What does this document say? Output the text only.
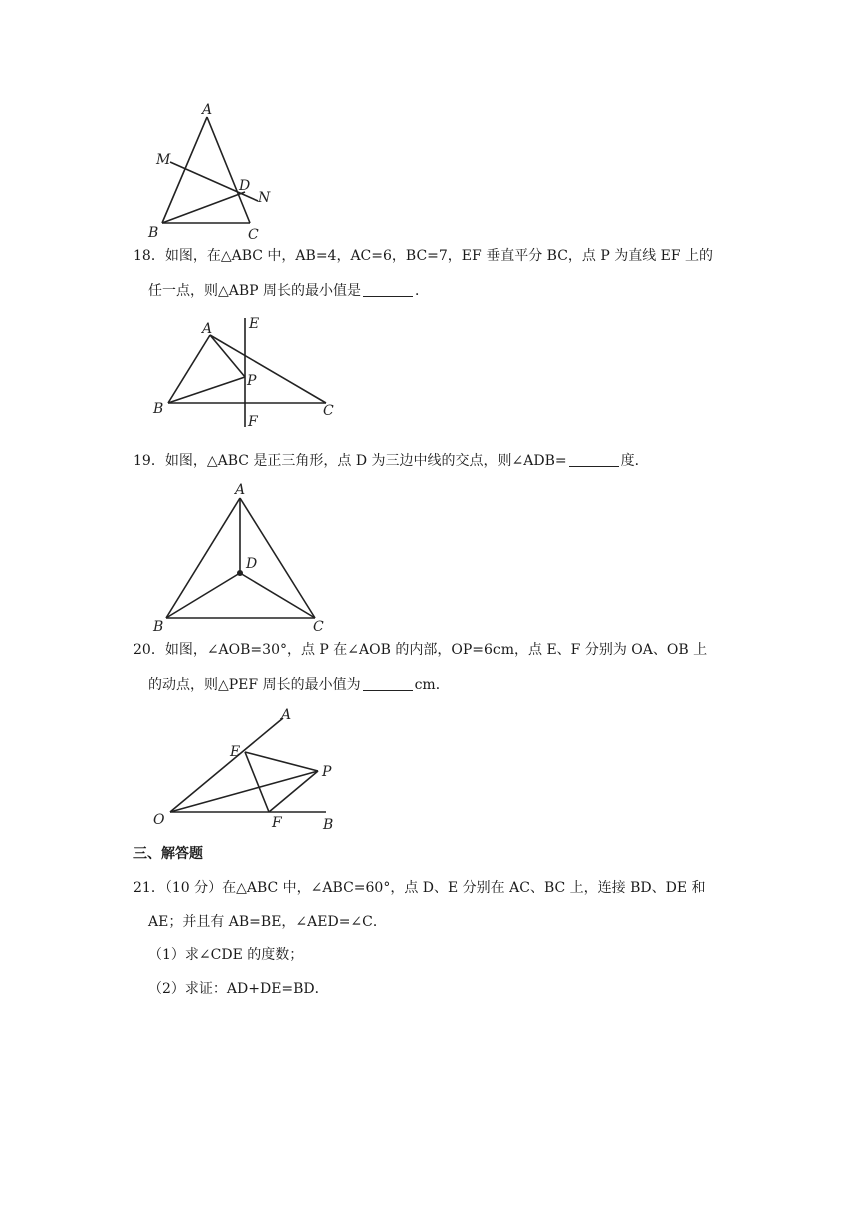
A
M
D
N
B	C
18．如图，在△ABC 中，AB=4，AC=6，BC=7，EF 垂直平分 BC，点 P 为直线 EF 上的
任一点，则△ABP 周长的最小值是	．
A	E
P
B
F
C
19．如图，△ABC 是正三角形，点 D 为三边中线的交点，则∠ADB=	度．
A
D
B	C
20．如图，∠AOB=30°，点 P 在∠AOB 的内部，OP=6cm，点 E、F 分别为 OA、OB 上
的动点，则△PEF 周长的最小值为	cm．
A
E
P
O	F	B
三、解答题
21．（10 分）在△ABC 中，∠ABC=60°，点 D、E 分别在 AC、BC 上，连接 BD、DE 和
AE；并且有 AB=BE，∠AED=∠C．
（1）求∠CDE 的度数；
（2）求证：AD+DE=BD．
